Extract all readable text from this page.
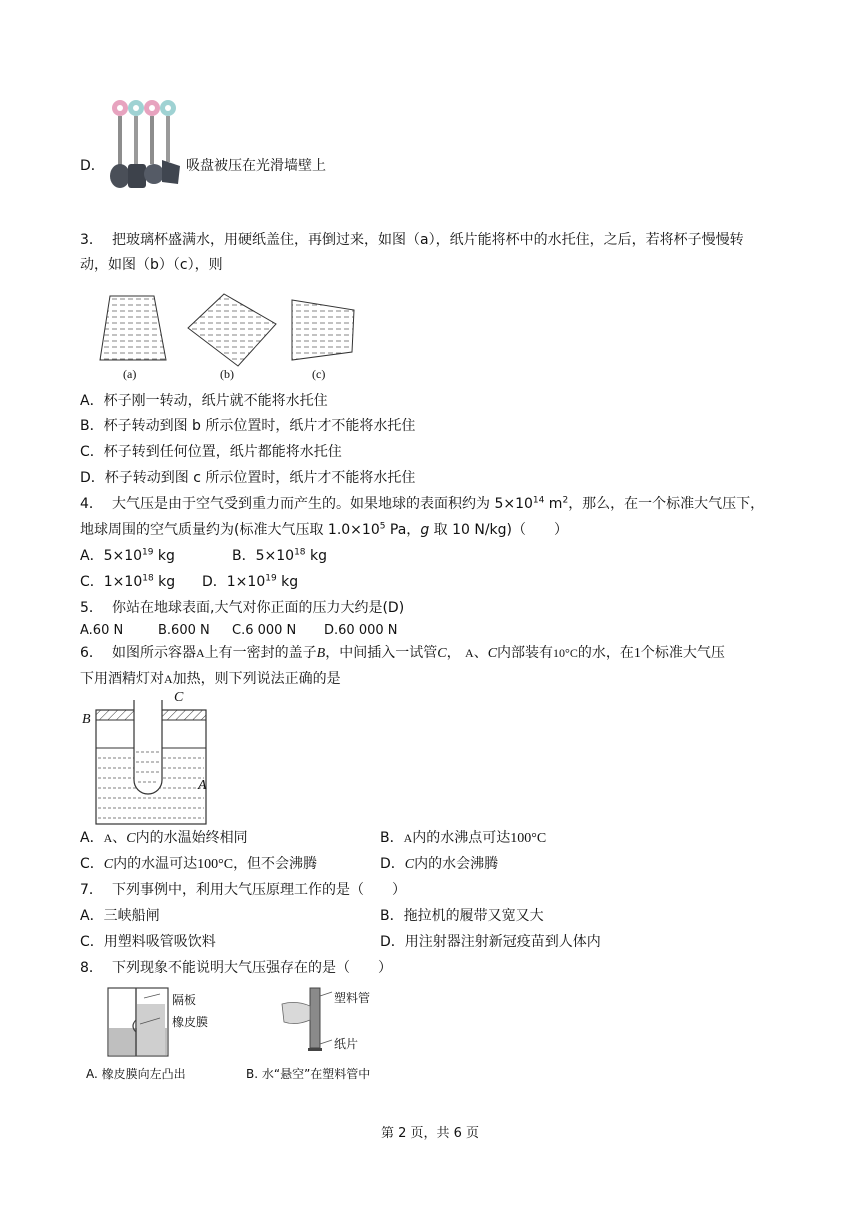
D．	吸盘被压在光滑墙壁上
3． 把玻璃杯盛满水，用硬纸盖住，再倒过来，如图（a），纸片能将杯中的水托住，之后，若将杯子慢慢转
动，如图（b）（c），则
(a)	(b)	(c)
A．杯子刚一转动，纸片就不能将水托住
B．杯子转动到图 b 所示位置时，纸片才不能将水托住
C．杯子转到任何位置，纸片都能将水托住
D．杯子转动到图 c 所示位置时，纸片才不能将水托住
4． 大气压是由于空气受到重力而产生的。如果地球的表面积约为 $5\times 10^{14}$ $m^2$，那么，在一个标准大气压下，
地球周围的空气质量约为(标准大气压取 $1.0\times 10^5$ Pa，g 取 10 N/kg)（　　）
A．$5\times 10^{19}$ kg	B．$5\times 10^{18}$ kg
C．$1\times 10^{18}$ kg D．$1\times 10^{19}$ kg
5． 你站在地球表面,大气对你正面的压力大约是(D)
A.60 N	B.600 N C.6 000 N D.60 000 N
6． 如图所示容器A上有一密封的盖子B，中间插入一试管C， A、C内部装有10°C的水，在1个标准大气压
下用酒精灯对A加热，则下列说法正确的是
B
C
A
A．A、C内的水温始终相同	B．A内的水沸点可达100°C
C．C内的水温可达100°C，但不会沸腾	D．C内的水会沸腾
7． 下列事例中，利用大气压原理工作的是（　　）
A．三峡船闸	B．拖拉机的履带又宽又大
C．用塑料吸管吸饮料	D．用注射器注射新冠疫苗到人体内
8． 下列现象不能说明大气压强存在的是（　　）
隔板
橡皮膜
A. 橡皮膜向左凸出
塑料管
纸片
B. 水“悬空”在塑料管中
第 2 页，共 6 页
